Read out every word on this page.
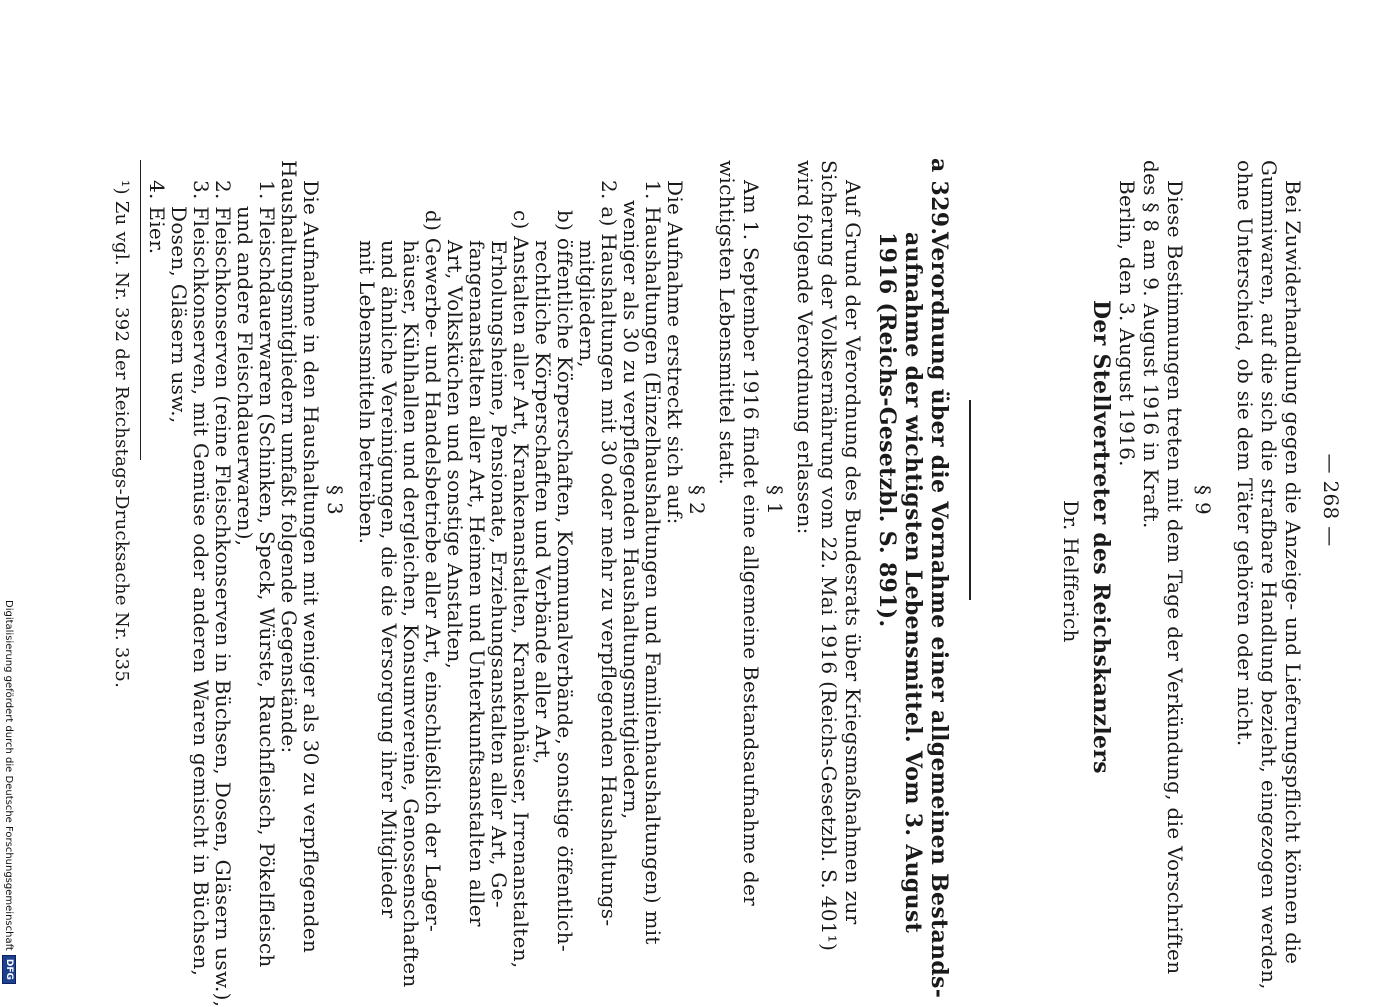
— 268 —
Bei Zuwiderhandlung gegen die Anzeige- und Lieferungspflicht können die
Gummiwaren, auf die sich die strafbare Handlung bezieht, eingezogen werden,
ohne Unterschied, ob sie dem Täter gehören oder nicht.
§ 9
Diese Bestimmungen treten mit dem Tage der Verkündung, die Vorschriften
des § 8 am 9. August 1916 in Kraft.
Berlin, den 3. August 1916.
Der Stellvertreter des Reichskanzlers
Dr. Helfferich
a 329.
Verordnung über die Vornahme einer allgemeinen Bestands-
aufnahme der wichtigsten Lebensmittel. Vom 3. August
1916 (Reichs-Gesetzbl. S. 891).
Auf Grund der Verordnung des Bundesrats über Kriegsmaßnahmen zur
Sicherung der Volksernährung vom 22. Mai 1916 (Reichs-Gesetzbl. S. 401¹)
wird folgende Verordnung erlassen:
§ 1
Am 1. September 1916 findet eine allgemeine Bestandsaufnahme der
wichtigsten Lebensmittel statt.
§ 2
Die Aufnahme erstreckt sich auf:
1. Haushaltungen (Einzelhaushaltungen und Familienhaushaltungen) mit
weniger als 30 zu verpflegenden Haushaltungsmitgliedern,
2. a) Haushaltungen mit 30 oder mehr zu verpflegenden Haushaltungs-
mitgliedern,
b) öffentliche Körperschaften, Kommunalverbände, sonstige öffentlich-
rechtliche Körperschaften und Verbände aller Art,
c) Anstalten aller Art, Krankenanstalten, Krankenhäuser, Irrenanstalten,
Erholungsheime, Pensionate, Erziehungsanstalten aller Art, Ge-
fangenanstalten aller Art, Heimen und Unterkunftsanstalten aller
Art, Volksküchen und sonstige Anstalten,
d) Gewerbe- und Handelsbetriebe aller Art, einschließlich der Lager-
häuser, Kühlhallen und dergleichen, Konsumvereine, Genossenschaften
und ähnliche Vereinigungen, die die Versorgung ihrer Mitglieder
mit Lebensmitteln betreiben.
§ 3
Die Aufnahme in den Haushaltungen mit weniger als 30 zu verpflegenden
Haushaltungsmitgliedern umfaßt folgende Gegenstände:
1. Fleischdauerwaren (Schinken, Speck, Würste, Rauchfleisch, Pökelfleisch
und andere Fleischdauerwaren),
2. Fleischkonserven (reine Fleischkonserven in Büchsen, Dosen, Gläsern usw.),
3. Fleischkonserven, mit Gemüse oder anderen Waren gemischt in Büchsen,
Dosen, Gläsern usw.,
4. Eier.
¹) Zu vgl. Nr. 392 der Reichstags-Drucksache Nr. 335.
Digitalisierung gefördert durch die Deutsche Forschungsgemeinschaft
DFG
